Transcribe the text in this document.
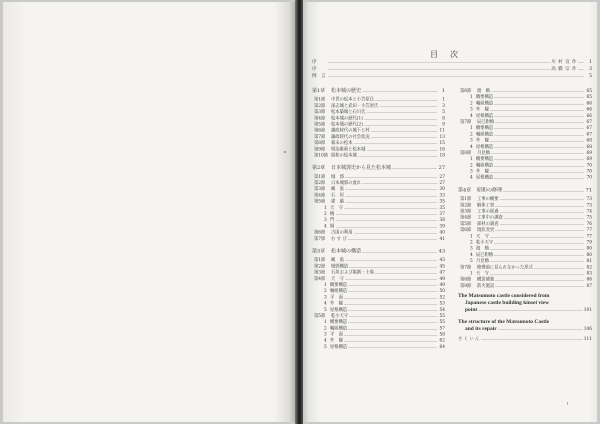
目　次
序	川 村 宣 作	1
序	高 橋 宗 作	3
例　言	5
第1章 松本城の歴史	1
第1節 中世の松本と小笠原氏	1
第2節 深志城と武田・小笠原氏	3
第3節 松本築城と石川氏	5
第4節 松本城の歴代(1)	8
第5節 松本城の歴代(2)	9
第6節 藩政時代の城下と村	11
第7節 藩政時代の社会状況	13
第8節 幕末の松本	15
第9節 明治維新と松本城	16
第10節 昭和の松本城	18
第2章 日本城郭史から見た松本城	27
第1節 城　郭	27
第2節 日本城郭の流れ	27
第3節 縄　張	30
第4節 石　垣	33
第5節 建　築	35
1 天　守	35
2 櫓	37
3 門	38
4 塀	39
第6節 古図の利用	40
第7節 む す び	41
第3章 松本城の構造	43
第1節 縄　張	43
第2節 城郭構造	45
第3節 石垣および堀割・土塁	47
第4節 天　守	49
1 概要構造	49
2 軸組構造	50
3 平　面	52
4 外　観	53
5 屋根構造	54
第5節 乾小天守	55
1 概要構造	55
2 軸組構造	57
3 平　面	58
4 外　観	62
5 屋根構造	64
第6節 渡　櫓	65
1 概要構造	65
2 軸組構造	66
3 外　観	66
4 屋根構造	66
第7節 辰巳附櫓	67
1 概要構造	67
2 軸組構造	67
3 外　観	68
4 屋根構造	68
第8節 月見櫓	69
1 概要構造	69
2 軸組構造	70
3 外　観	70
4 屋根構造	70
第4章 昭和の修理	71
第1節 工事の概要	73
第2節 解体工事	73
第3節 工事の経過	74
第4節 工事中の調査	75
第5節 部材の調査	76
第6節 現状変更	77
1 天　守	77
2 乾小天守	79
3 渡　櫓	80
4 辰巳附櫓	80
5 月見櫓	81
第7節 修理前に見られなかった形式	82
1 天　守	83
第8節 構造補強	86
第9節 防火施設	87
The Matsumoto castle considered from
Japanese castle building kinsei view
point	101
The structure of the Matsumoto Castle
and its repair	106
さ く い ん	111
i
